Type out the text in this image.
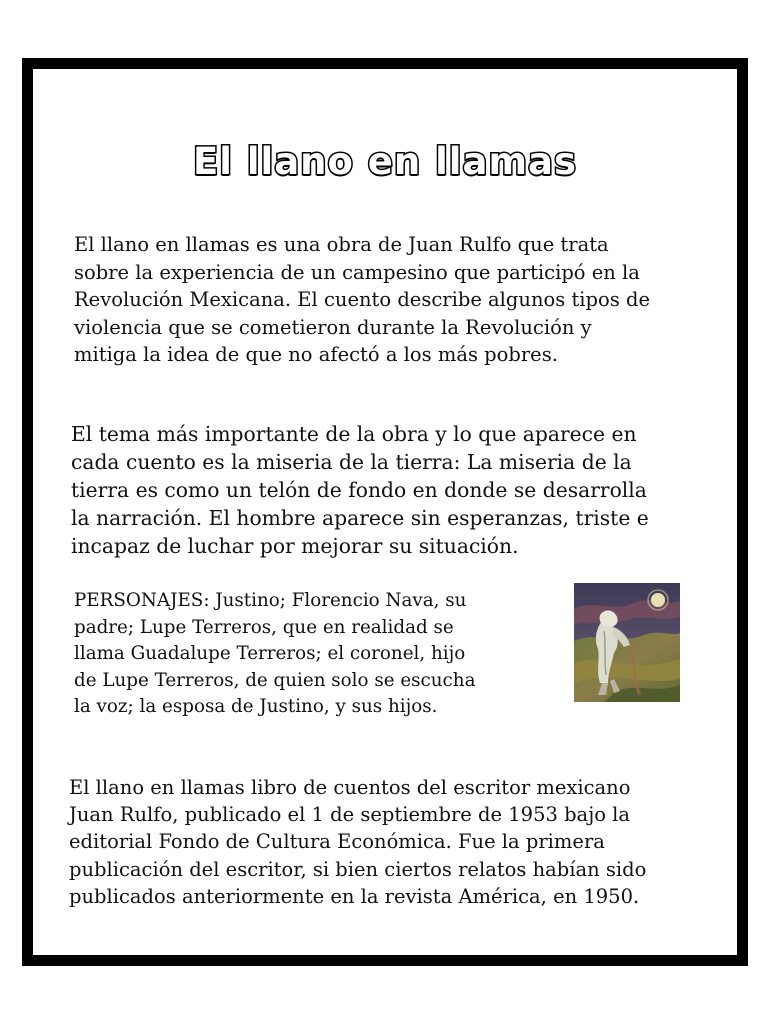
El llano en llamas

El llano en llamas es una obra de Juan Rulfo que trata
sobre la experiencia de un campesino que participó en la
Revolución Mexicana. El cuento describe algunos tipos de
violencia que se cometieron durante la Revolución y
mitiga la idea de que no afectó a los más pobres.

El tema más importante de la obra y lo que aparece en
cada cuento es la miseria de la tierra: La miseria de la
tierra es como un telón de fondo en donde se desarrolla
la narración. El hombre aparece sin esperanzas, triste e
incapaz de luchar por mejorar su situación.

PERSONAJES: Justino; Florencio Nava, su
padre; Lupe Terreros, que en realidad se
llama Guadalupe Terreros; el coronel, hijo
de Lupe Terreros, de quien solo se escucha
la voz; la esposa de Justino, y sus hijos.

El llano en llamas libro de cuentos del escritor mexicano
Juan Rulfo, publicado el 1 de septiembre de 1953 bajo la
editorial Fondo de Cultura Económica. Fue la primera
publicación del escritor, si bien ciertos relatos habían sido
publicados anteriormente en la revista América, en 1950.
